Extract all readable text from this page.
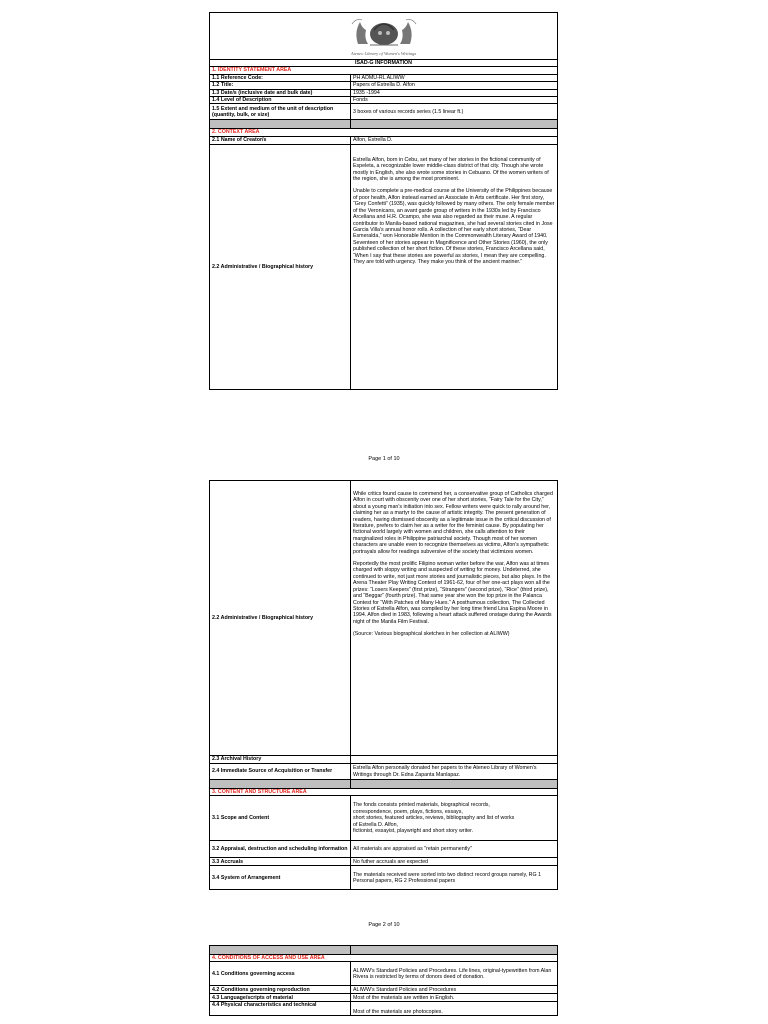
Ateneo Library of Women's Writings	

ISAD-G INFORMATION	
1. IDENTITY STATEMENT AREA	
1.1 Reference Code:	PH ADMU-RL ALIWW
1.2 Title:	Papers of Estrella D. Alfon
1.3 Date/s (inclusive date and bulk date)	1935 -1994
1.4 Level of Description	Fonds
1.5 Extent and medium of the unit of description (quantity, bulk, or size)	3 boxes of various records series (1.5 linear ft.)

2. CONTEXT AREA	
2.1 Name of Creator/s	Alfon, Estrella D.
2.2 Administrative / Biographical history	Estrella Alfon, born in Cebu, set many of her stories in the fictional community of Espeleta, a recognizable lower middle-class district of that city. Though she wrote mostly in English, she also wrote some stories in Cebuano. Of the women writers of the region, she is among the most prominent.

Unable to complete a pre-medical course at the University of the Philippines because of poor health, Alfon instead earned an Associate in Arts certificate. Her first story, “Grey Confetti” (1935), was quickly followed by many others. The only female member of the Veronicans, an avant garde group of writers in the 1930s led by Francisco Arcellana and H.R. Ocampo, she was also regarded as their muse. A regular contributor to Manila-based national magazines, she had several stories cited in Jose Garcia Villa's annual honor rolls. A collection of her early short stories, “Dear Esmeralda,” won Honorable Mention in the Commonwealth Literary Award of 1940. Seventeen of her stories appear in Magnificence and Other Stories (1960), the only published collection of her short fiction. Of these stories, Francisco Arcellana said, “When I say that these stories are powerful as stories, I mean they are compelling. They are told with urgency. They make you think of the ancient mariner.”

Page 1 of 10
2.2 Administrative / Biographical history	While critics found cause to commend her, a conservative group of Catholics charged Alfon in court with obscenity over one of her short stories, “Fairy Tale for the City,” about a young man's initiation into sex. Fellow writers were quick to rally around her, claiming her as a martyr to the cause of artistic integrity. The present generation of readers, having dismissed obscenity as a legitimate issue in the critical discussion of literature, prefers to claim her as a writer for the feminist cause. By populating her fictional world largely with women and children, she calls attention to their marginalized roles in Philippine patriarchal society. Though most of her women characters are unable even to recognize themselves as victims, Alfon's sympathetic portrayals allow for readings subversive of the society that victimizes women.

Reportedly the most prolific Filipino woman writer before the war, Alfon was at times charged with sloppy writing and suspected of writing for money. Undeterred, she continued to write, not just more stories and journalistic pieces, but also plays. In the Arena Theater Play Writing Contest of 1961-62, four of her one-act plays won all the prizes: “Losers Keepers” (first prize), “Strangers” (second prize), “Rice” (third prize), and “Beggar” (fourth prize). That same year she won the top prize in the Palanca Contest for “With Patches of Many Hues.” A posthumous collection, The Collected Stories of Estrella Alfon, was compiled by her long time friend Lina Espina Moore in 1994. Alfon died in 1983, following a heart attack suffered onstage during the Awards night of the Manila Film Festival.

(Source: Various biographical sketches in her collection at ALIWW)

2.3 Archival History	
2.4 Immediate Source of Acquisition or Transfer	Estrella Alfon personally donated her papers to the Ateneo Library of Women's Writings through Dr. Edna Zapanta Manlapaz.

3. CONTENT AND STRUCTURE AREA	
3.1 Scope and Content	The fonds consists printed materials, biographical records,
correspondence, poem, plays, fictions, essays,
short stories, featured articles, reviews, bibliography and list of works
of Estrella D. Alfon,
fictionist, essayist, playwright and short story writer.

3.2 Appraisal, destruction and scheduling information	All materials are appraised as "retain permanently"
3.3 Accruals	No futher accruals are expected
3.4 System of Arrangement	The materials received were sorted into two distinct record groups namely, RG 1 Personal papers, RG 2 Professional papers
Page 2 of 10

4. CONDITIONS OF ACCESS AND USE AREA	
4.1 Conditions governing access	ALIWW's Standard Policies and Procedures. Life lines, original-typewritten from Alan Rivera is restricted by terms of donors deed of donation.
4.2 Conditions governing reproduction	ALIWW's Standard Policies and Procedures
4.3 Language/scripts of material	Most of the materials are written in English.
4.4 Physical characteristics and technical	Most of the materials are photocopies.
